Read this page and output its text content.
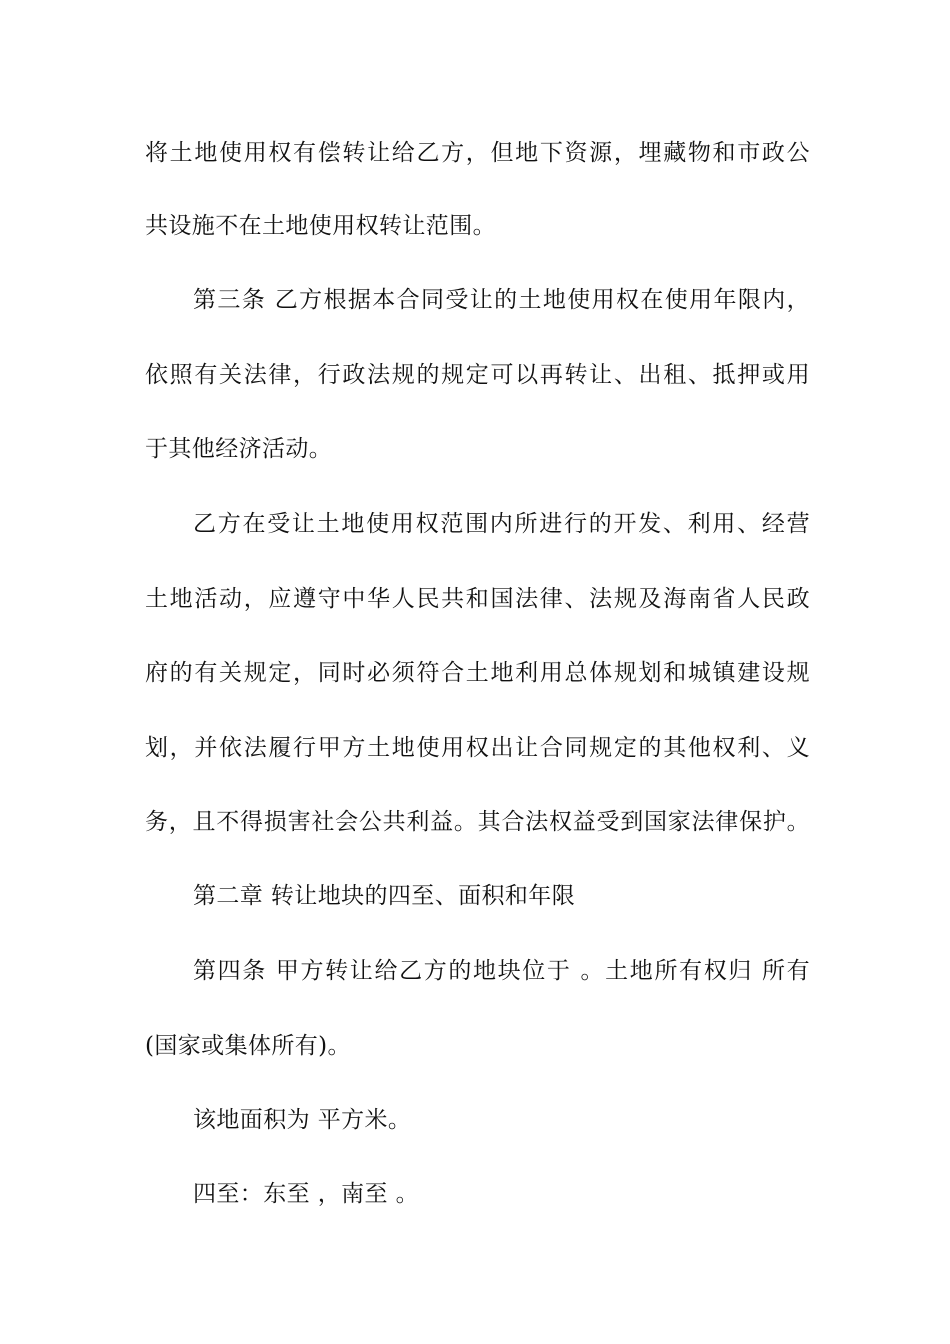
将土地使用权有偿转让给乙方，但地下资源，埋藏物和市政公
共设施不在土地使用权转让范围。
第三条 乙方根据本合同受让的土地使用权在使用年限内，
依照有关法律，行政法规的规定可以再转让、出租、抵押或用
于其他经济活动。
乙方在受让土地使用权范围内所进行的开发、利用、经营
土地活动，应遵守中华人民共和国法律、法规及海南省人民政
府的有关规定，同时必须符合土地利用总体规划和城镇建设规
划，并依法履行甲方土地使用权出让合同规定的其他权利、义
务，且不得损害社会公共利益。其合法权益受到国家法律保护。
第二章 转让地块的四至、面积和年限
第四条 甲方转让给乙方的地块位于 。土地所有权归 所有
(国家或集体所有)。
该地面积为 平方米。
四至：东至 ，南至 。
